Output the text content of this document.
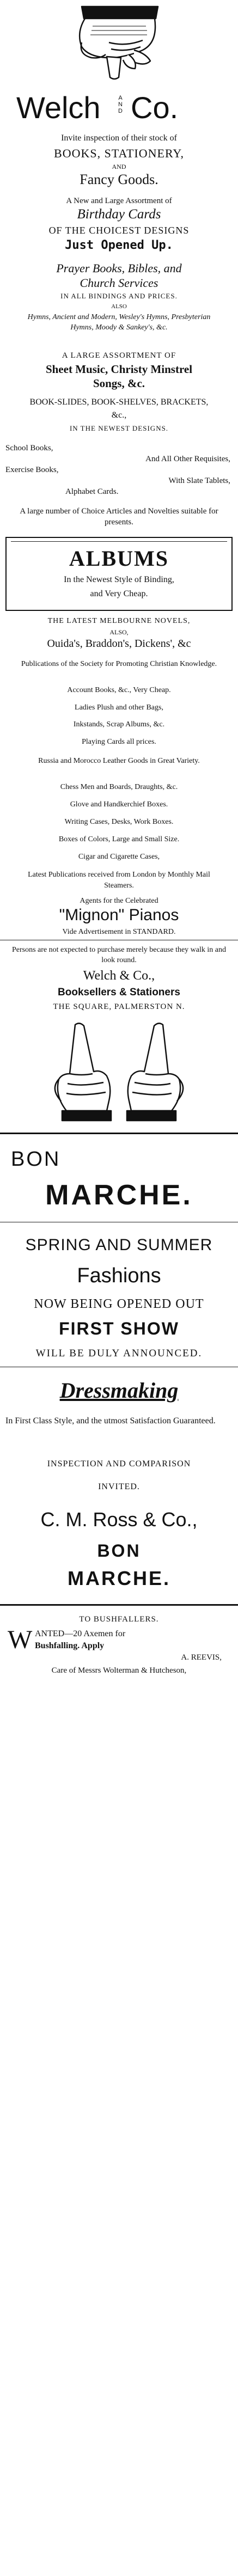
Welch	AND Co.
Invite inspection of their stock of
BOOKS, STATIONERY,
AND
Fancy Goods.
A New and Large Assortment of
Birthday Cards
OF THE CHOICEST DESIGNS
Just Opened Up.
Prayer Books, Bibles, and
Church Services
IN ALL BINDINGS AND PRICES.
ALSO
Hymns, Ancient and Modern, Wesley's Hymns, Presbyterian Hymns, Moody & Sankey's, &c.
A LARGE ASSORTMENT OF
Sheet Music, Christy Minstrel Songs, &c.
BOOK-SLIDES, BOOK-SHELVES, BRACKETS, &c.,
IN THE NEWEST DESIGNS.
School Books,
And All Other Requisites,
Exercise Books,
With Slate Tablets,
Alphabet Cards.
A large number of Choice Articles and Novelties suitable for presents.
ALBUMS
In the Newest Style of Binding,
and Very Cheap.
THE LATEST MELBOURNE NOVELS,
ALSO,
Ouida's, Braddon's, Dickens', &c
Publications of the Society for Promoting Christian Knowledge.
Account Books, &c., Very Cheap.
Ladies Plush and other Bags,
Inkstands, Scrap Albums, &c.
Playing Cards all prices.
Russia and Morocco Leather Goods in Great Variety.
Chess Men and Boards, Draughts, &c.
Glove and Handkerchief Boxes.
Writing Cases, Desks, Work Boxes.
Boxes of Colors, Large and Small Size.
Cigar and Cigarette Cases,
Latest Publications received from London by Monthly Mail Steamers.
Agents for the Celebrated
"Mignon" Pianos
Vide Advertisement in STANDARD.
Persons are not expected to purchase merely because they walk in and look round.
Welch & Co.,
Booksellers & Stationers
THE SQUARE, PALMERSTON N.
BON
MARCHE.
SPRING AND SUMMER
Fashions
NOW BEING OPENED OUT
FIRST SHOW
WILL BE DULY ANNOUNCED.
Dressmaking
In First Class Style, and the utmost Satisfaction Guaranteed.
INSPECTION AND COMPARISON
INVITED.
C. M. Ross & Co.,
BON
MARCHE.
TO BUSHFALLERS.
W ANTED—20 Axemen for
Bushfalling. Apply
A. REEVIS,
Care of Messrs Wolterman & Hutcheson,
